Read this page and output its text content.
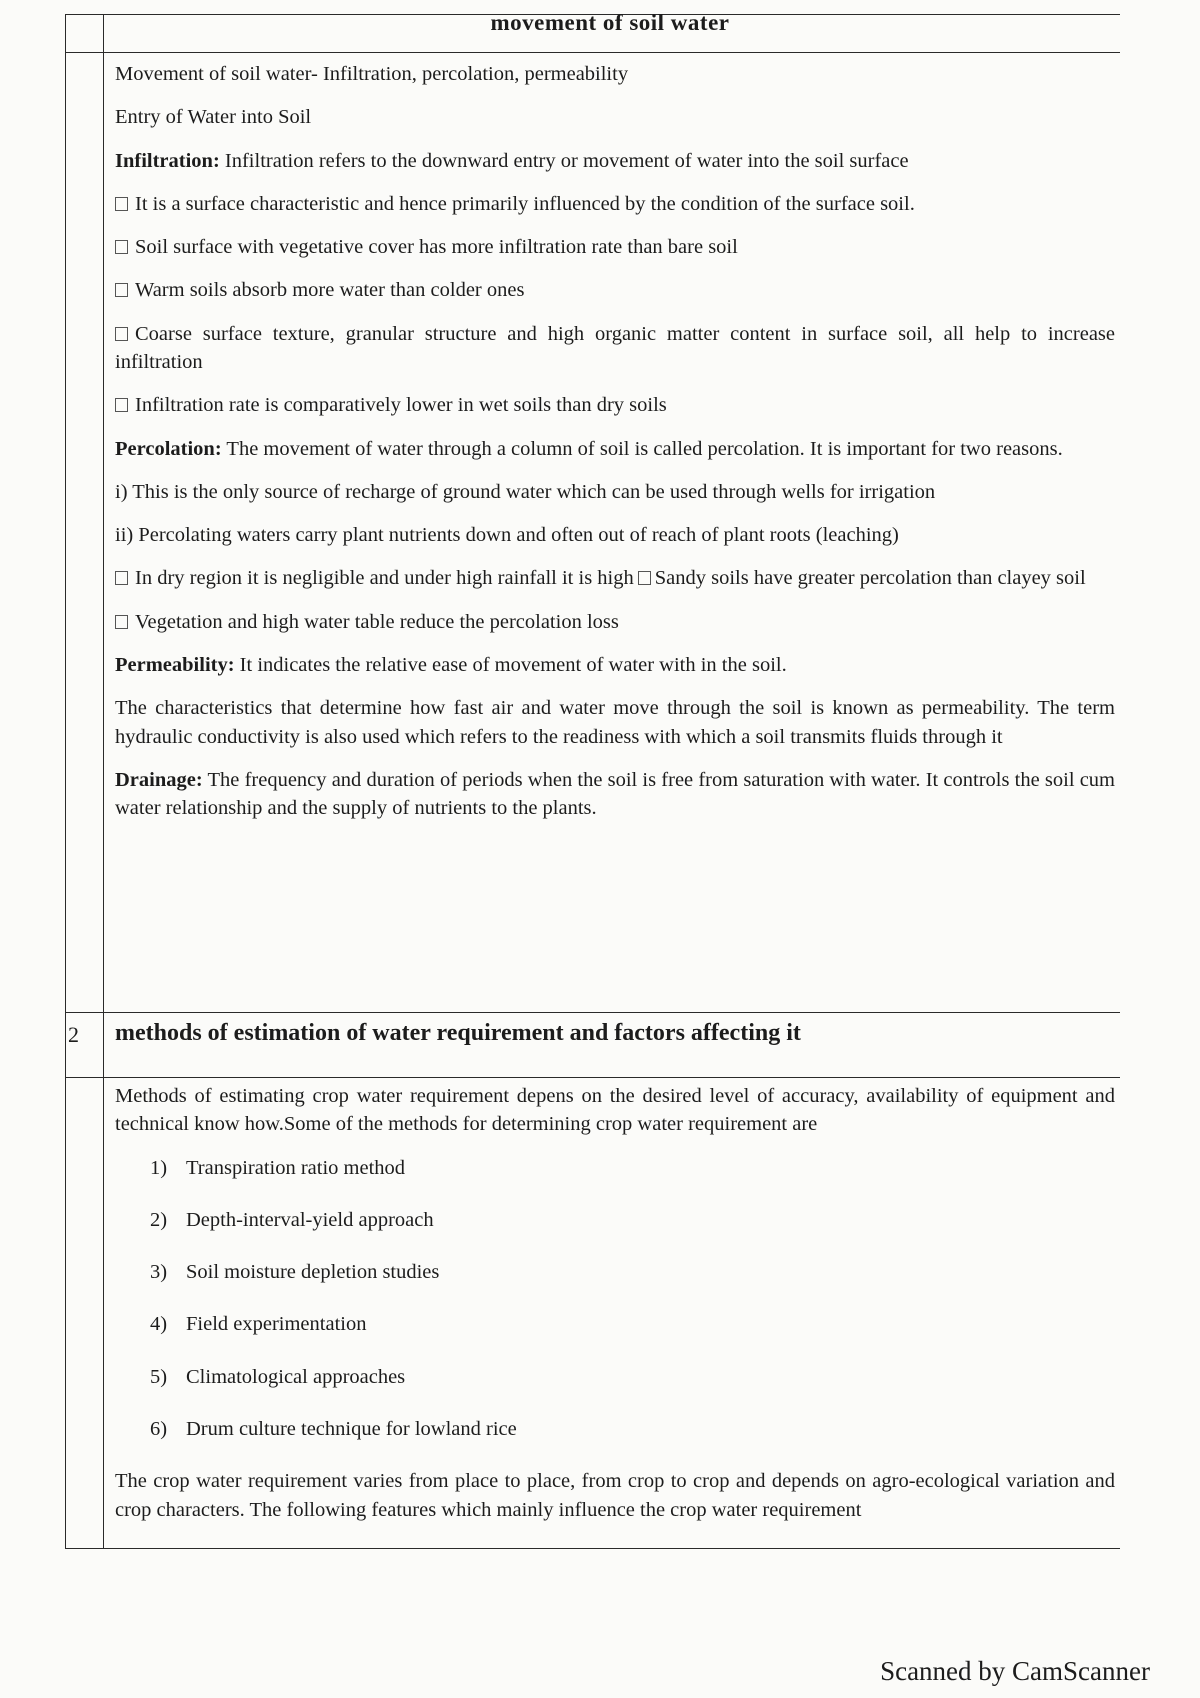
movement of soil water

Movement of soil water- Infiltration, percolation, permeability

Entry of Water into Soil

Infiltration: Infiltration refers to the downward entry or movement of water into the soil surface

It is a surface characteristic and hence primarily influenced by the condition of the surface soil.

Soil surface with vegetative cover has more infiltration rate than bare soil

Warm soils absorb more water than colder ones

Coarse surface texture, granular structure and high organic matter content in surface soil, all help to increase infiltration

Infiltration rate is comparatively lower in wet soils than dry soils

Percolation: The movement of water through a column of soil is called percolation. It is important for two reasons.

i) This is the only source of recharge of ground water which can be used through wells for irrigation

ii) Percolating waters carry plant nutrients down and often out of reach of plant roots (leaching)

In dry region it is negligible and under high rainfall it is high Sandy soils have greater percolation than clayey soil

Vegetation and high water table reduce the percolation loss

Permeability: It indicates the relative ease of movement of water with in the soil.

The characteristics that determine how fast air and water move through the soil is known as permeability. The term hydraulic conductivity is also used which refers to the readiness with which a soil transmits fluids through it

Drainage: The frequency and duration of periods when the soil is free from saturation with water. It controls the soil cum water relationship and the supply of nutrients to the plants.

2 methods of estimation of water requirement and factors affecting it

Methods of estimating crop water requirement depens on the desired level of accuracy, availability of equipment and technical know how.Some of the methods for determining crop water requirement are

1) Transpiration ratio method
2) Depth-interval-yield approach
3) Soil moisture depletion studies
4) Field experimentation
5) Climatological approaches
6) Drum culture technique for lowland rice

The crop water requirement varies from place to place, from crop to crop and depends on agro-ecological variation and crop characters. The following features which mainly influence the crop water requirement

Scanned by CamScanner
